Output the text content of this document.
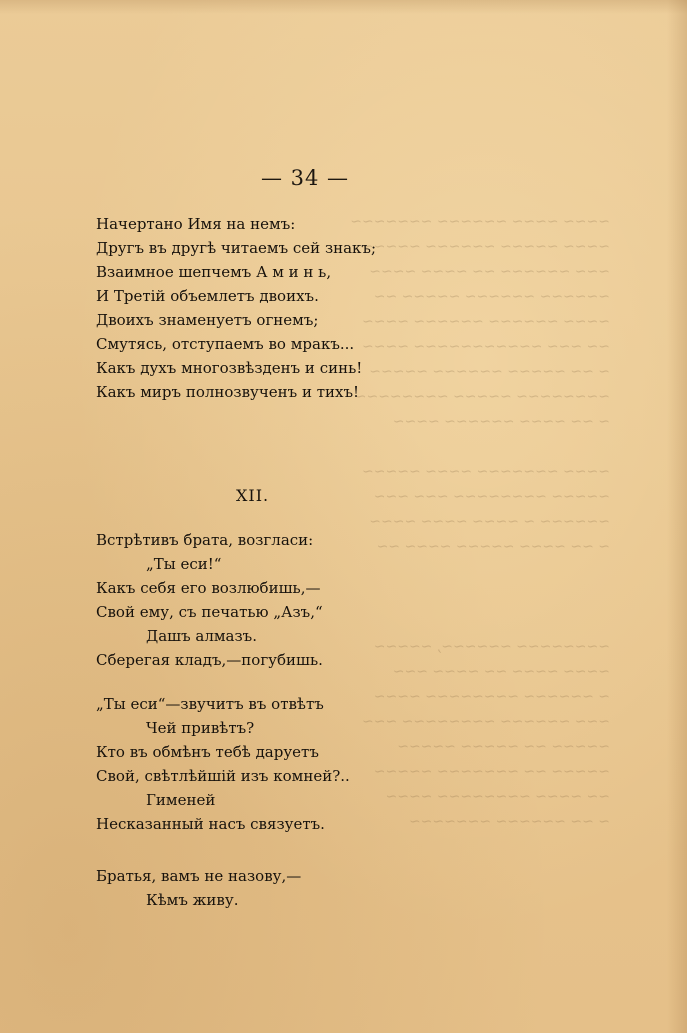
~~~~ ~~~~ ~~~~~~ ~~~~~~~
~~~~ ~~~~~ ~~~~~~ ~~~~~
~~~ ~~~~~~ ~~ ~~~~ ~~~~
~~~~~~ ~~~~~~ ~~~~~ ~~
~~~~ ~~~~~~ ~~~~~~ ~~~~
~~ ~~~ ~~~~~~~~~~~ ~~~~
~ ~~ ~~~~~ ~~~~~~ ~~~~~
~~~~~~~~ ~~~~~ ~~~~~~~~
~ ~~ ~~~~ ~~~~~~ ~~~~

~~~~ ~~~~~~~ ~~~~ ~~~~~
~~~~~ ~~~~~~~~ ~~~ ~~~
~~~~~~ ~ ~~~~ ~~~~ ~~~~
~ ~~ ~~~~ ~~~~~ ~~~~ ~~

~~~~~~~~ ~~~~~~, ~~~~~
~~~~ ~~~~ ~~ ~~~~ ~~~
~ ~~~~~~ ~~~~~~~~ ~~~~
~~~ ~~~~~~ ~~~~~~~~ ~~~
~~~~~ ~~ ~~~~~ ~~~~~
~~~~~ ~~ ~~~~~~~ ~~~~~
~~ ~~~~ ~~~~~~~~ ~~~~
~ ~~ ~~~~~~ ~~~~~~~
— 34 —
Начертано Имя на немъ:
Другъ въ другѣ читаемъ сей знакъ;
Взаимное шепчемъ А м и н ь,
И Третій объемлетъ двоихъ.
Двоихъ знаменуетъ огнемъ;
Смутясь, отступаемъ во мракъ...
Какъ духъ многозвѣзденъ и синь!
Какъ миръ полнозвученъ и тихъ!
XII.
Встрѣтивъ брата, возгласи:
„Ты еси!“
Какъ себя его возлюбишь,—
Свой ему, съ печатью „Азъ,“
Дашъ алмазъ.
Сберегая кладъ,—погубишь.
„Ты еси“—звучитъ въ отвѣтъ
Чей привѣтъ?
Кто въ обмѣнъ тебѣ даруетъ
Свой, свѣтлѣйшій изъ комней?..
Гименей
Несказанный насъ связуетъ.
Братья, вамъ не назову,—
Кѣмъ живу.
